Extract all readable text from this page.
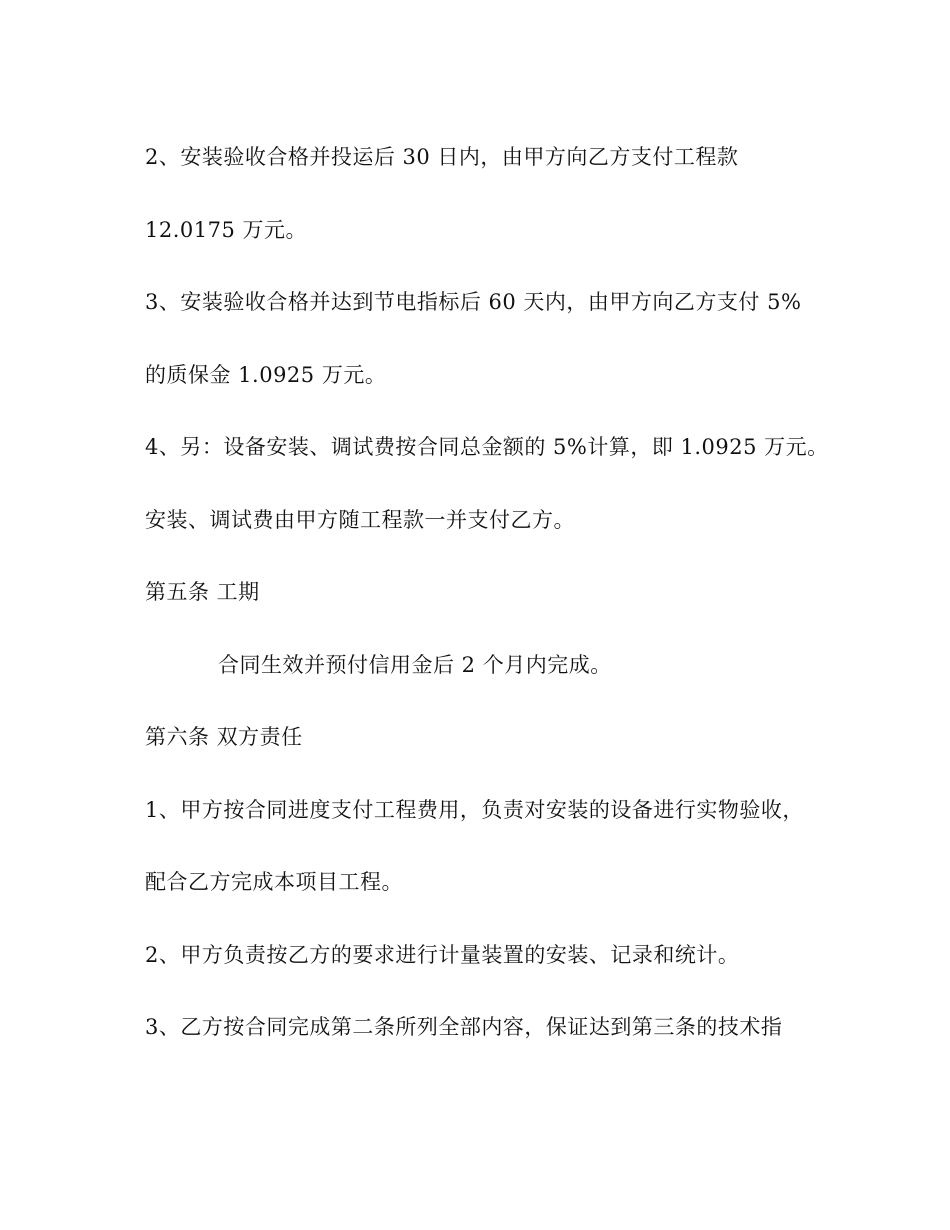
2、安装验收合格并投运后 30 日内，由甲方向乙方支付工程款
12.0175 万元。
3、安装验收合格并达到节电指标后 60 天内，由甲方向乙方支付 5%
的质保金 1.0925 万元。
4、另：设备安装、调试费按合同总金额的 5%计算，即 1.0925 万元。
安装、调试费由甲方随工程款一并支付乙方。
第五条 工期
合同生效并预付信用金后 2 个月内完成。
第六条 双方责任
1、甲方按合同进度支付工程费用，负责对安装的设备进行实物验收，
配合乙方完成本项目工程。
2、甲方负责按乙方的要求进行计量装置的安装、记录和统计。
3、乙方按合同完成第二条所列全部内容，保证达到第三条的技术指
